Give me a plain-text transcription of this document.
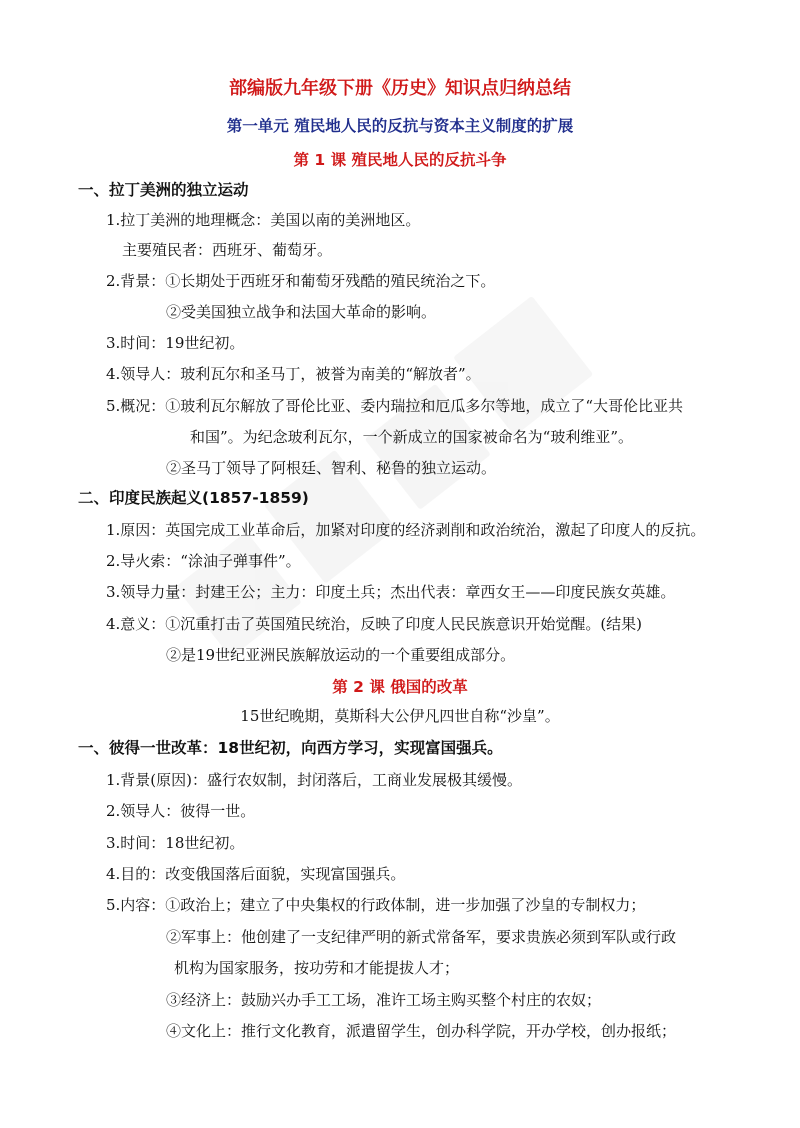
部编版九年级下册《历史》知识点归纳总结
第一单元 殖民地人民的反抗与资本主义制度的扩展
第 1 课 殖民地人民的反抗斗争
一、拉丁美洲的独立运动
1.拉丁美洲的地理概念：美国以南的美洲地区。
主要殖民者：西班牙、葡萄牙。
2.背景：①长期处于西班牙和葡萄牙残酷的殖民统治之下。
②受美国独立战争和法国大革命的影响。
3.时间：19世纪初。
4.领导人：玻利瓦尔和圣马丁，被誉为南美的“解放者”。
5.概况：①玻利瓦尔解放了哥伦比亚、委内瑞拉和厄瓜多尔等地，成立了“大哥伦比亚共
和国”。为纪念玻利瓦尔，一个新成立的国家被命名为“玻利维亚”。
②圣马丁领导了阿根廷、智利、秘鲁的独立运动。
二、印度民族起义(1857-1859)
1.原因：英国完成工业革命后，加紧对印度的经济剥削和政治统治，激起了印度人的反抗。
2.导火索：“涂油子弹事件”。
3.领导力量：封建王公；主力：印度土兵；杰出代表：章西女王——印度民族女英雄。
4.意义：①沉重打击了英国殖民统治，反映了印度人民民族意识开始觉醒。(结果)
②是19世纪亚洲民族解放运动的一个重要组成部分。
第 2 课 俄国的改革
15世纪晚期，莫斯科大公伊凡四世自称“沙皇”。
一、彼得一世改革：18世纪初，向西方学习，实现富国强兵。
1.背景(原因)：盛行农奴制，封闭落后，工商业发展极其缓慢。
2.领导人：彼得一世。
3.时间：18世纪初。
4.目的：改变俄国落后面貌，实现富国强兵。
5.内容：①政治上；建立了中央集权的行政体制，进一步加强了沙皇的专制权力；
②军事上：他创建了一支纪律严明的新式常备军，要求贵族必须到军队或行政
机构为国家服务，按功劳和才能提拔人才；
③经济上：鼓励兴办手工工场，准许工场主购买整个村庄的农奴；
④文化上：推行文化教育，派遣留学生，创办科学院，开办学校，创办报纸；
